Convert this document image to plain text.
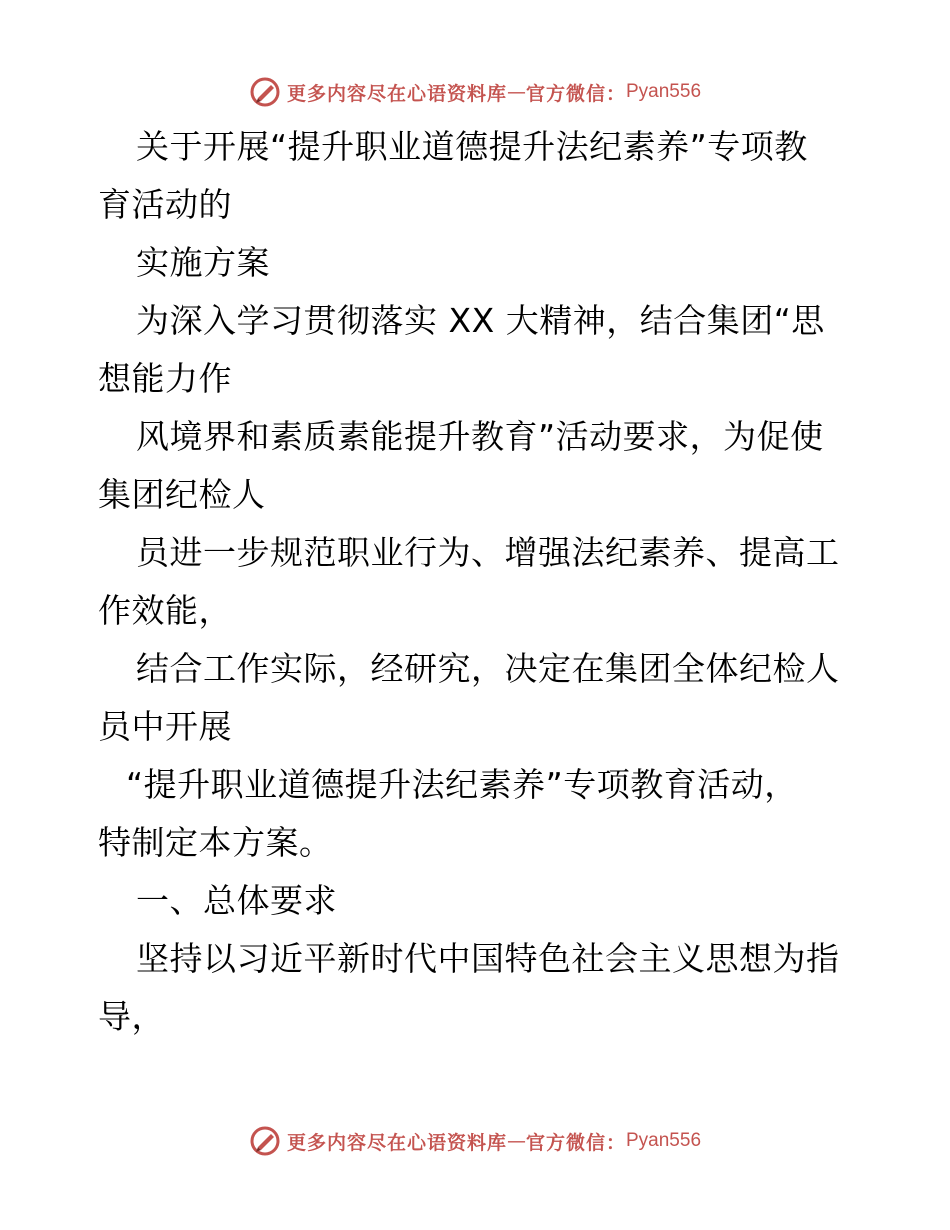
更多内容尽在心语资料库 — 官方微信： Pyan556
关于开展“提升职业道德提升法纪素养”专项教
育活动的
实施方案
为深入学习贯彻落实 XX 大精神，结合集团“思
想能力作
风境界和素质素能提升教育”活动要求，为促使
集团纪检人
员进一步规范职业行为、增强法纪素养、提高工
作效能，
结合工作实际，经研究，决定在集团全体纪检人
员中开展
“提升职业道德提升法纪素养”专项教育活动，
特制定本方案。
一、总体要求
坚持以习近平新时代中国特色社会主义思想为指
导，
更多内容尽在心语资料库 — 官方微信： Pyan556
